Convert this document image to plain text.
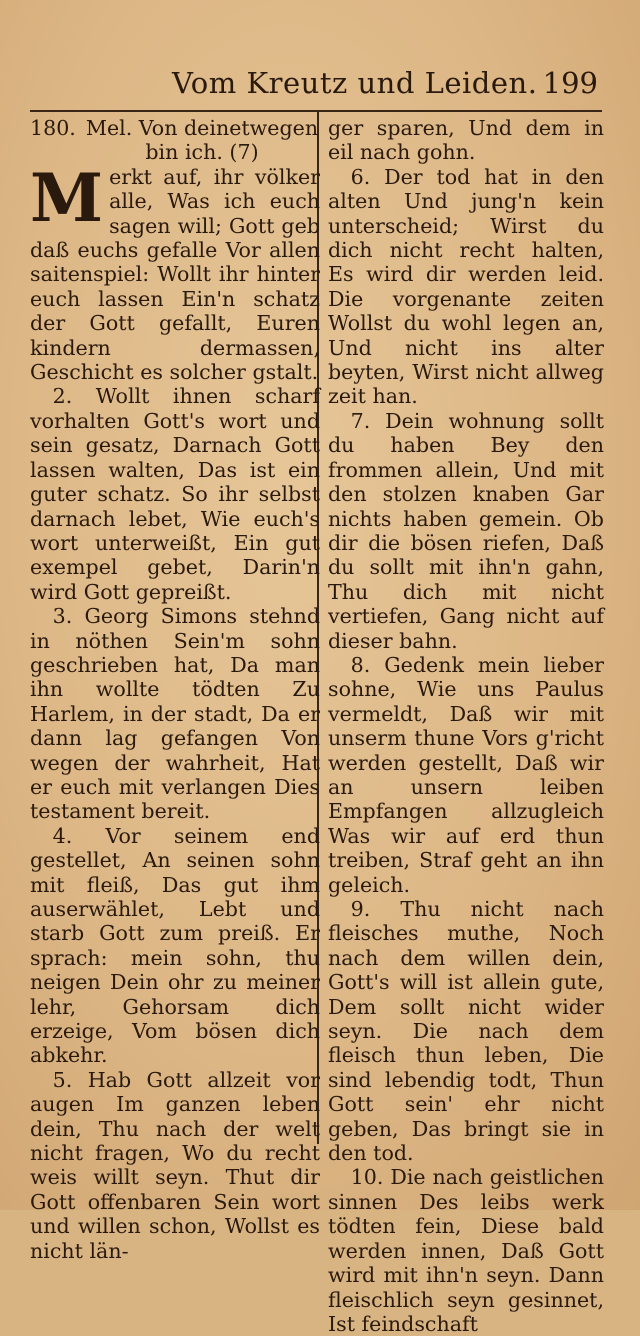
Vom Kreutz und Leiden. 199
180. Mel. Von deinetwegen bin ich. (7)

Merkt auf, ihr völker alle, Was ich euch sagen will; Gott geb daß euchs gefalle Vor allen saitenspiel: Wollt ihr hinter euch lassen Ein'n schatz der Gott gefallt, Euren kindern dermassen, Geschicht es solcher gstalt.

2. Wollt ihnen scharf vorhalten Gott's wort und sein gesatz, Darnach Gott lassen walten, Das ist ein guter schatz. So ihr selbst darnach lebet, Wie euch's wort unterweißt, Ein gut exempel gebet, Darin'n wird Gott gepreißt.

3. Georg Simons stehnd in nöthen Sein'm sohn geschrieben hat, Da man ihn wollte tödten Zu Harlem, in der stadt, Da er dann lag gefangen Von wegen der wahrheit, Hat er euch mit verlangen Dies testament bereit.

4. Vor seinem end gestellet, An seinen sohn mit fleiß, Das gut ihm auserwählet, Lebt und starb Gott zum preiß. Er sprach: mein sohn, thu neigen Dein ohr zu meiner lehr, Gehorsam dich erzeige, Vom bösen dich abkehr.

5. Hab Gott allzeit vor augen Im ganzen leben dein, Thu nach der welt nicht fragen, Wo du recht weis willt seyn. Thut dir Gott offenbaren Sein wort und willen schon, Wollst es nicht län-

ger sparen, Und dem in eil nach gohn.

6. Der tod hat in den alten Und jung'n kein unterscheid; Wirst du dich nicht recht halten, Es wird dir werden leid. Die vorgenante zeiten Wollst du wohl legen an, Und nicht ins alter beyten, Wirst nicht allweg zeit han.

7. Dein wohnung sollt du haben Bey den frommen allein, Und mit den stolzen knaben Gar nichts haben gemein. Ob dir die bösen riefen, Daß du sollt mit ihn'n gahn, Thu dich mit nicht vertiefen, Gang nicht auf dieser bahn.

8. Gedenk mein lieber sohne, Wie uns Paulus vermeldt, Daß wir mit unserm thune Vors g'richt werden gestellt, Daß wir an unsern leiben Empfangen allzugleich Was wir auf erd thun treiben, Straf geht an ihn geleich.

9. Thu nicht nach fleisches muthe, Noch nach dem willen dein, Gott's will ist allein gute, Dem sollt nicht wider seyn. Die nach dem fleisch thun leben, Die sind lebendig todt, Thun Gott sein' ehr nicht geben, Das bringt sie in den tod.

10. Die nach geistlichen sinnen Des leibs werk tödten fein, Diese bald werden innen, Daß Gott wird mit ihn'n seyn. Dann fleischlich seyn gesinnet, Ist feindschaft
